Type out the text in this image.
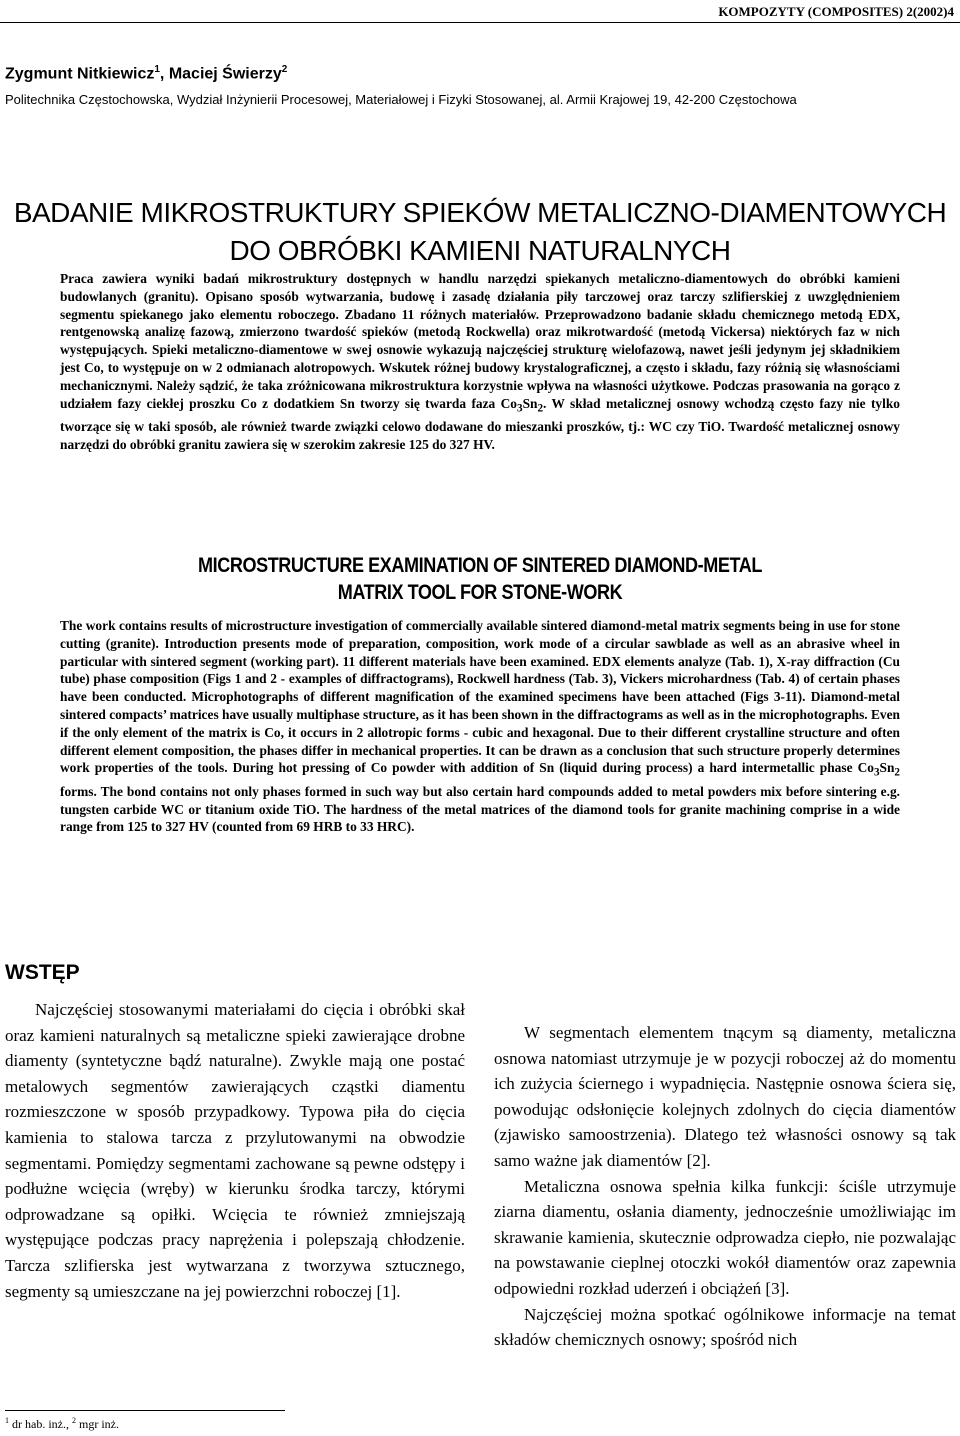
KOMPOZYTY (COMPOSITES) 2(2002)4
Zygmunt Nitkiewicz$^1$, Maciej Świerzy$^2$
Politechnika Częstochowska, Wydział Inżynierii Procesowej, Materiałowej i Fizyki Stosowanej, al. Armii Krajowej 19, 42-200 Częstochowa
BADANIE MIKROSTRUKTURY SPIEKÓW METALICZNO-DIAMENTOWYCH
DO OBRÓBKI KAMIENI NATURALNYCH
Praca zawiera wyniki badań mikrostruktury dostępnych w handlu narzędzi spiekanych metaliczno-diamentowych do obróbki kamieni budowlanych (granitu). Opisano sposób wytwarzania, budowę i zasadę działania piły tarczowej oraz tarczy szlifierskiej z uwzględnieniem segmentu spiekanego jako elementu roboczego. Zbadano 11 różnych materiałów. Przeprowadzono badanie składu chemicznego metodą EDX, rentgenowską analizę fazową, zmierzono twardość spieków (metodą Rockwella) oraz mikrotwardość (metodą Vickersa) niektórych faz w nich występujących. Spieki metaliczno-diamentowe w swej osnowie wykazują najczęściej strukturę wielofazową, nawet jeśli jedynym jej składnikiem jest Co, to występuje on w 2 odmianach alotropowych. Wskutek różnej budowy krystalograficznej, a często i składu, fazy różnią się własnościami mechanicznymi. Należy sądzić, że taka zróżnicowana mikrostruktura korzystnie wpływa na własności użytkowe. Podczas prasowania na gorąco z udziałem fazy ciekłej proszku Co z dodatkiem Sn tworzy się twarda faza $Co_3Sn_2$. W skład metalicznej osnowy wchodzą często fazy nie tylko tworzące się w taki sposób, ale również twarde związki celowo dodawane do mieszanki proszków, tj.: WC czy TiO. Twardość metalicznej osnowy narzędzi do obróbki granitu zawiera się w szerokim zakresie 125 do 327 HV.
MICROSTRUCTURE EXAMINATION OF SINTERED DIAMOND-METAL
MATRIX TOOL FOR STONE-WORK
The work contains results of microstructure investigation of commercially available sintered diamond-metal matrix segments being in use for stone cutting (granite). Introduction presents mode of preparation, composition, work mode of a circular sawblade as well as an abrasive wheel in particular with sintered segment (working part). 11 different materials have been examined. EDX elements analyze (Tab. 1), X-ray diffraction (Cu tube) phase composition (Figs 1 and 2 - examples of diffractograms), Rockwell hardness (Tab. 3), Vickers microhardness (Tab. 4) of certain phases have been conducted. Microphotographs of different magnification of the examined specimens have been attached (Figs 3-11). Diamond-metal sintered compacts’ matrices have usually multiphase structure, as it has been shown in the diffractograms as well as in the microphotographs. Even if the only element of the matrix is Co, it occurs in 2 allotropic forms - cubic and hexagonal. Due to their different crystalline structure and often different element composition, the phases differ in mechanical properties. It can be drawn as a conclusion that such structure properly determines work properties of the tools. During hot pressing of Co powder with addition of Sn (liquid during process) a hard intermetallic phase $Co_3Sn_2$ forms. The bond contains not only phases formed in such way but also certain hard compounds added to metal powders mix before sintering e.g. tungsten carbide WC or titanium oxide TiO. The hardness of the metal matrices of the diamond tools for granite machining comprise in a wide range from 125 to 327 HV (counted from 69 HRB to 33 HRC).
WSTĘP

Najczęściej stosowanymi materiałami do cięcia i obróbki skał oraz kamieni naturalnych są metaliczne spieki zawierające drobne diamenty (syntetyczne bądź naturalne). Zwykle mają one postać metalowych segmentów zawierających cząstki diamentu rozmieszczone w sposób przypadkowy. Typowa piła do cięcia kamienia to stalowa tarcza z przylutowanymi na obwodzie segmentami. Pomiędzy segmentami zachowane są pewne odstępy i podłużne wcięcia (wręby) w kierunku środka tarczy, którymi odprowadzane są opiłki. Wcięcia te również zmniejszają występujące podczas pracy naprężenia i polepszają chłodzenie. Tarcza szlifierska jest wytwarzana z tworzywa sztucznego, segmenty są umieszczane na jej powierzchni roboczej [1].

W segmentach elementem tnącym są diamenty, metaliczna osnowa natomiast utrzymuje je w pozycji roboczej aż do momentu ich zużycia ściernego i wypadnięcia. Następnie osnowa ściera się, powodując odsłonięcie kolejnych zdolnych do cięcia diamentów (zjawisko samoostrzenia). Dlatego też własności osnowy są tak samo ważne jak diamentów [2].

Metaliczna osnowa spełnia kilka funkcji: ściśle utrzymuje ziarna diamentu, osłania diamenty, jednocześnie umożliwiając im skrawanie kamienia, skutecznie odprowadza ciepło, nie pozwalając na powstawanie cieplnej otoczki wokół diamentów oraz zapewnia odpowiedni rozkład uderzeń i obciążeń [3].

Najczęściej można spotkać ogólnikowe informacje na temat składów chemicznych osnowy; spośród nich

$^1$ dr hab. inż., $^2$ mgr inż.
